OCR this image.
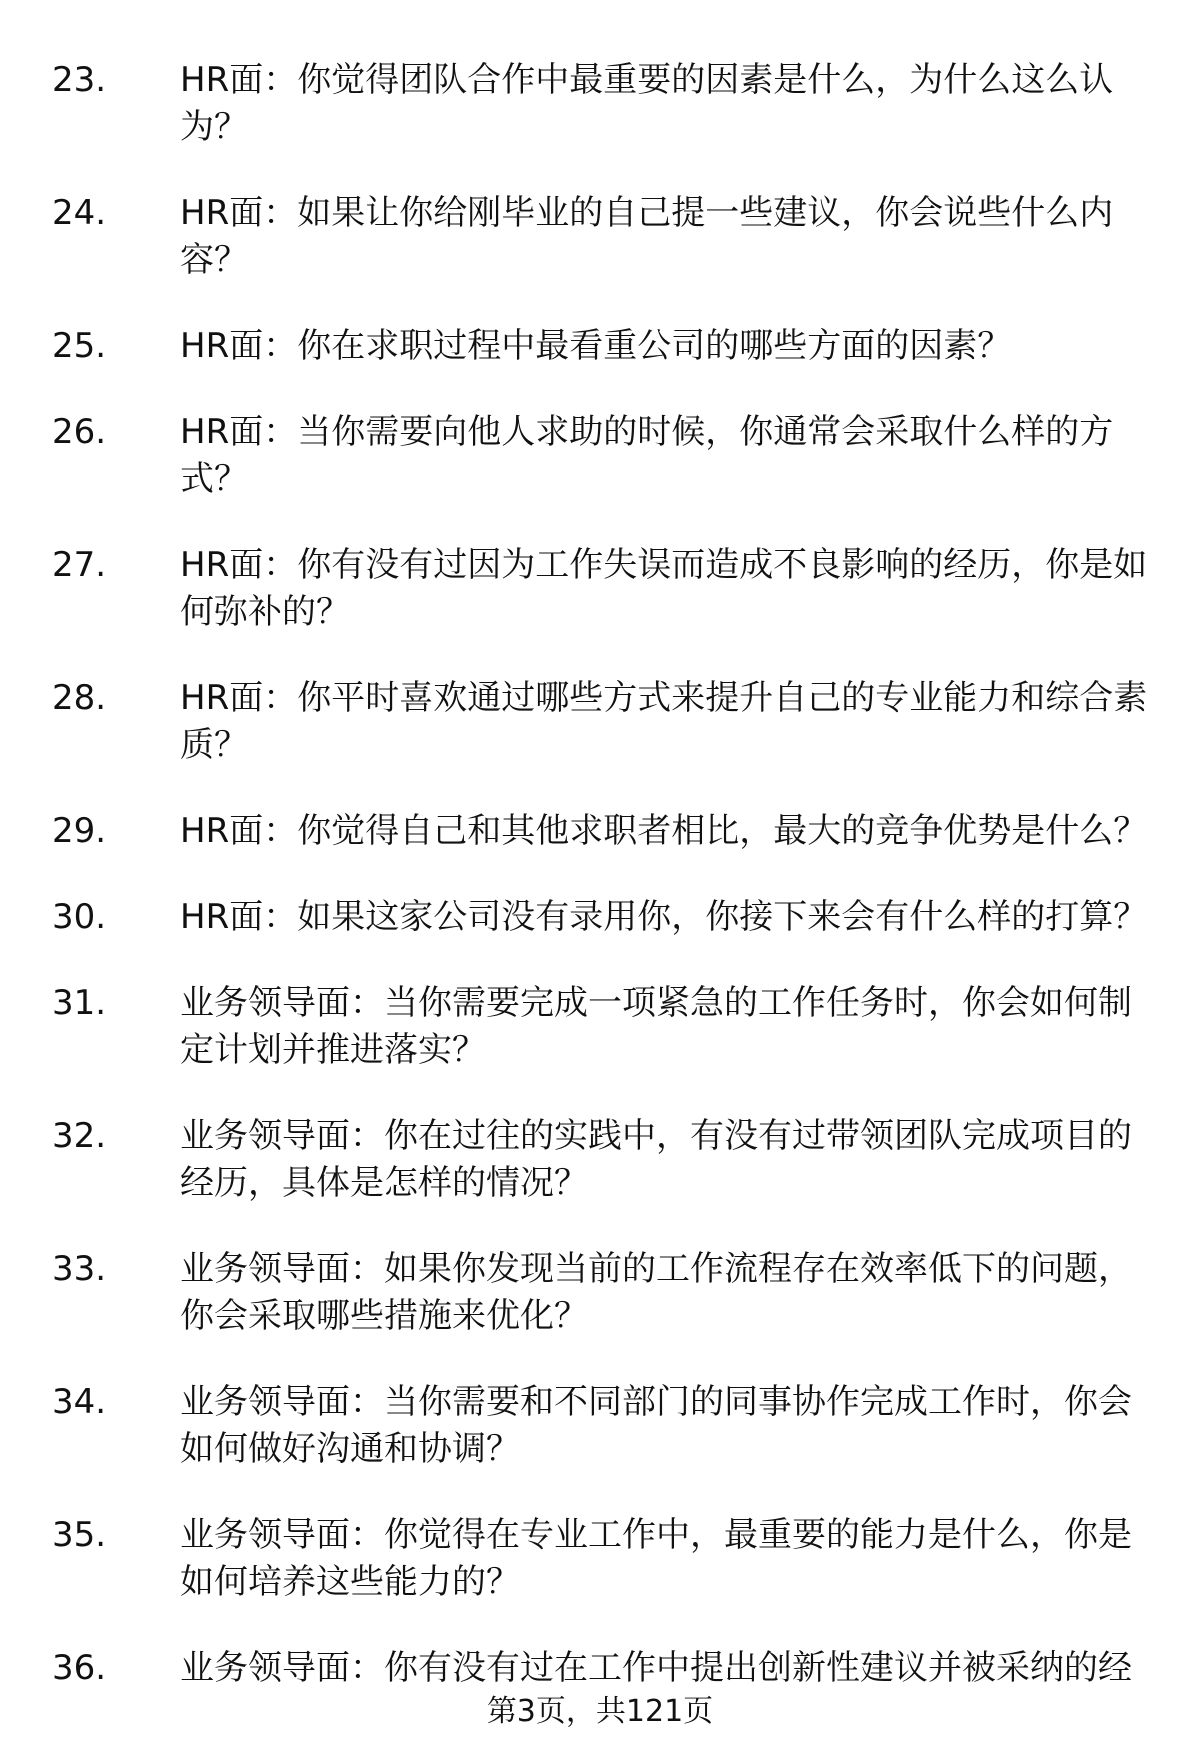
23.	HR面：你觉得团队合作中最重要的因素是什么，为什么这么认为？
24.	HR面：如果让你给刚毕业的自己提一些建议，你会说些什么内容？
25.	HR面：你在求职过程中最看重公司的哪些方面的因素？
26.	HR面：当你需要向他人求助的时候，你通常会采取什么样的方式？
27.	HR面：你有没有过因为工作失误而造成不良影响的经历，你是如何弥补的？
28.	HR面：你平时喜欢通过哪些方式来提升自己的专业能力和综合素质？
29.	HR面：你觉得自己和其他求职者相比，最大的竞争优势是什么？
30.	HR面：如果这家公司没有录用你，你接下来会有什么样的打算？
31.	业务领导面：当你需要完成一项紧急的工作任务时，你会如何制定计划并推进落实？
32.	业务领导面：你在过往的实践中，有没有过带领团队完成项目的经历，具体是怎样的情况？
33.	业务领导面：如果你发现当前的工作流程存在效率低下的问题，你会采取哪些措施来优化？
34.	业务领导面：当你需要和不同部门的同事协作完成工作时，你会如何做好沟通和协调？
35.	业务领导面：你觉得在专业工作中，最重要的能力是什么，你是如何培养这些能力的？
36.	业务领导面：你有没有过在工作中提出创新性建议并被采纳的经
第3页，共121页
